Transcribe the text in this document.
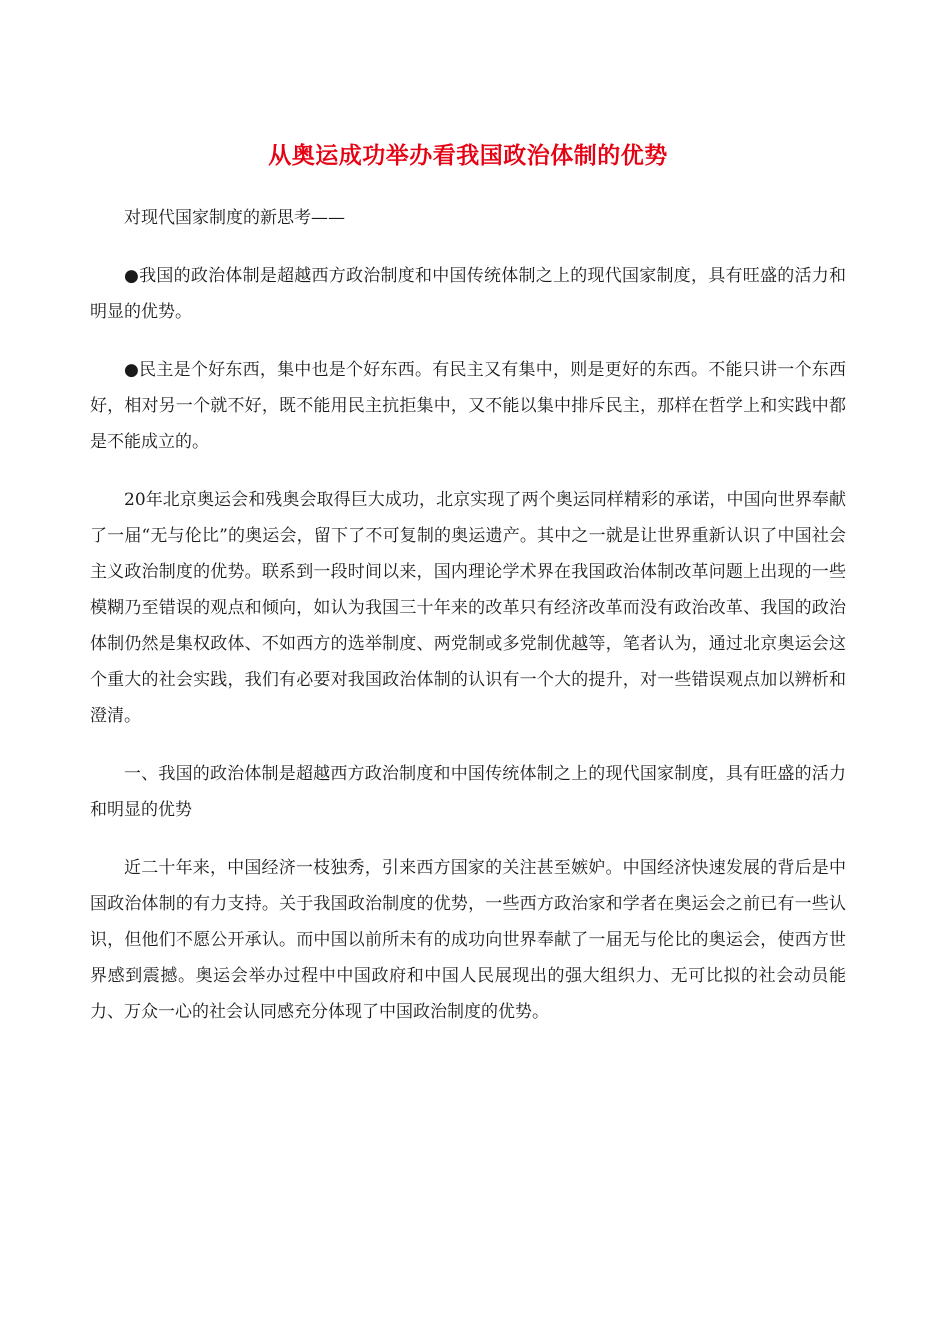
从奥运成功举办看我国政治体制的优势

对现代国家制度的新思考——

●我国的政治体制是超越西方政治制度和中国传统体制之上的现代国家制度，具有旺盛的活力和明显的优势。

●民主是个好东西，集中也是个好东西。有民主又有集中，则是更好的东西。不能只讲一个东西好，相对另一个就不好，既不能用民主抗拒集中，又不能以集中排斥民主，那样在哲学上和实践中都是不能成立的。

20年北京奥运会和残奥会取得巨大成功，北京实现了两个奥运同样精彩的承诺，中国向世界奉献了一届“无与伦比”的奥运会，留下了不可复制的奥运遗产。其中之一就是让世界重新认识了中国社会主义政治制度的优势。联系到一段时间以来，国内理论学术界在我国政治体制改革问题上出现的一些模糊乃至错误的观点和倾向，如认为我国三十年来的改革只有经济改革而没有政治改革、我国的政治体制仍然是集权政体、不如西方的选举制度、两党制或多党制优越等，笔者认为，通过北京奥运会这个重大的社会实践，我们有必要对我国政治体制的认识有一个大的提升，对一些错误观点加以辨析和澄清。

一、我国的政治体制是超越西方政治制度和中国传统体制之上的现代国家制度，具有旺盛的活力和明显的优势

近二十年来，中国经济一枝独秀，引来西方国家的关注甚至嫉妒。中国经济快速发展的背后是中国政治体制的有力支持。关于我国政治制度的优势，一些西方政治家和学者在奥运会之前已有一些认识，但他们不愿公开承认。而中国以前所未有的成功向世界奉献了一届无与伦比的奥运会，使西方世界感到震撼。奥运会举办过程中中国政府和中国人民展现出的强大组织力、无可比拟的社会动员能力、万众一心的社会认同感充分体现了中国政治制度的优势。
